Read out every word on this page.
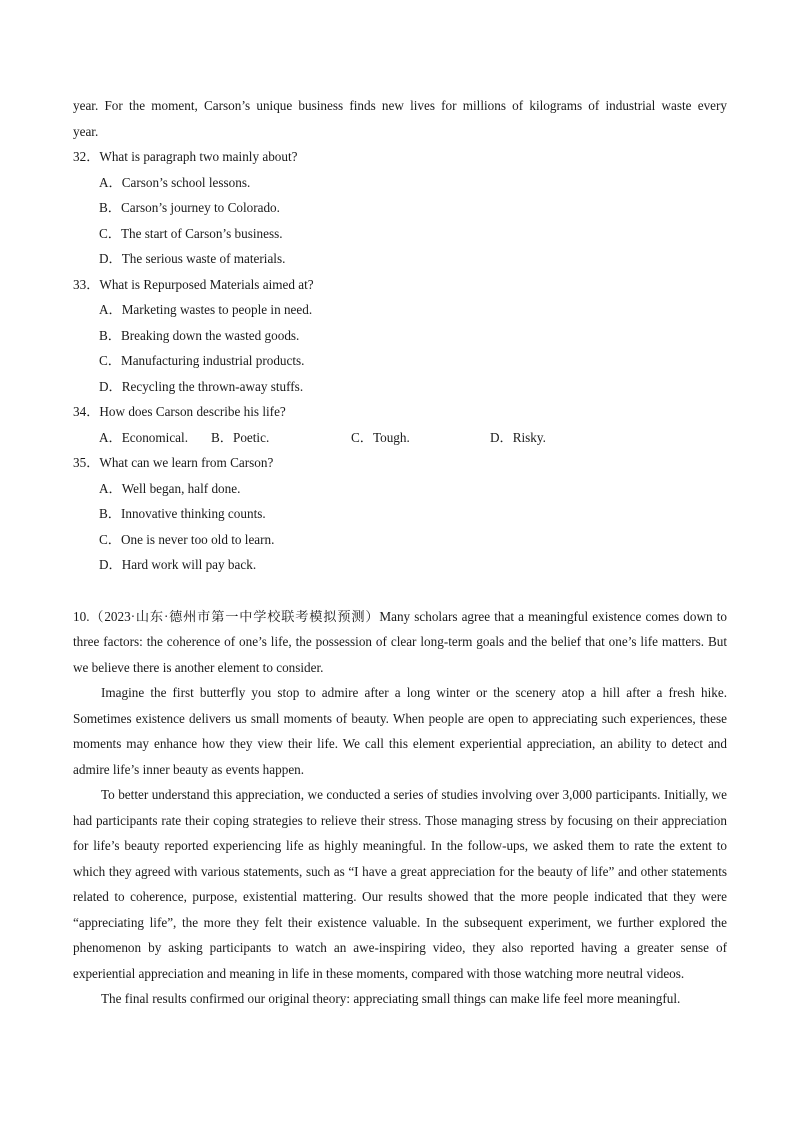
year. For the moment, Carson’s unique business finds new lives for millions of kilograms of industrial waste every
year.
32．What is paragraph two mainly about?
A．Carson’s school lessons.
B．Carson’s journey to Colorado.
C．The start of Carson’s business.
D．The serious waste of materials.
33．What is Repurposed Materials aimed at?
A．Marketing wastes to people in need.
B．Breaking down the wasted goods.
C．Manufacturing industrial products.
D．Recycling the thrown-away stuffs.
34．How does Carson describe his life?
A．Economical. B．Poetic.	C．Tough.	D．Risky.
35．What can we learn from Carson?
A．Well began, half done.
B．Innovative thinking counts.
C．One is never too old to learn.
D．Hard work will pay back.
10.（2023·山东·德州市第一中学校联考模拟预测）Many scholars agree that a meaningful existence comes down to three factors: the coherence of one’s life, the possession of clear long-term goals and the belief that one’s life matters. But we believe there is another element to consider.
Imagine the first butterfly you stop to admire after a long winter or the scenery atop a hill after a fresh hike. Sometimes existence delivers us small moments of beauty. When people are open to appreciating such experiences, these moments may enhance how they view their life. We call this element experiential appreciation, an ability to detect and admire life’s inner beauty as events happen.
To better understand this appreciation, we conducted a series of studies involving over 3,000 participants. Initially, we had participants rate their coping strategies to relieve their stress. Those managing stress by focusing on their appreciation for life’s beauty reported experiencing life as highly meaningful. In the follow-ups, we asked them to rate the extent to which they agreed with various statements, such as “I have a great appreciation for the beauty of life” and other statements related to coherence, purpose, existential mattering. Our results showed that the more people indicated that they were “appreciating life”, the more they felt their existence valuable. In the subsequent experiment, we further explored the phenomenon by asking participants to watch an awe-inspiring video, they also reported having a greater sense of experiential appreciation and meaning in life in these moments, compared with those watching more neutral videos.
The final results confirmed our original theory: appreciating small things can make life feel more meaningful.
